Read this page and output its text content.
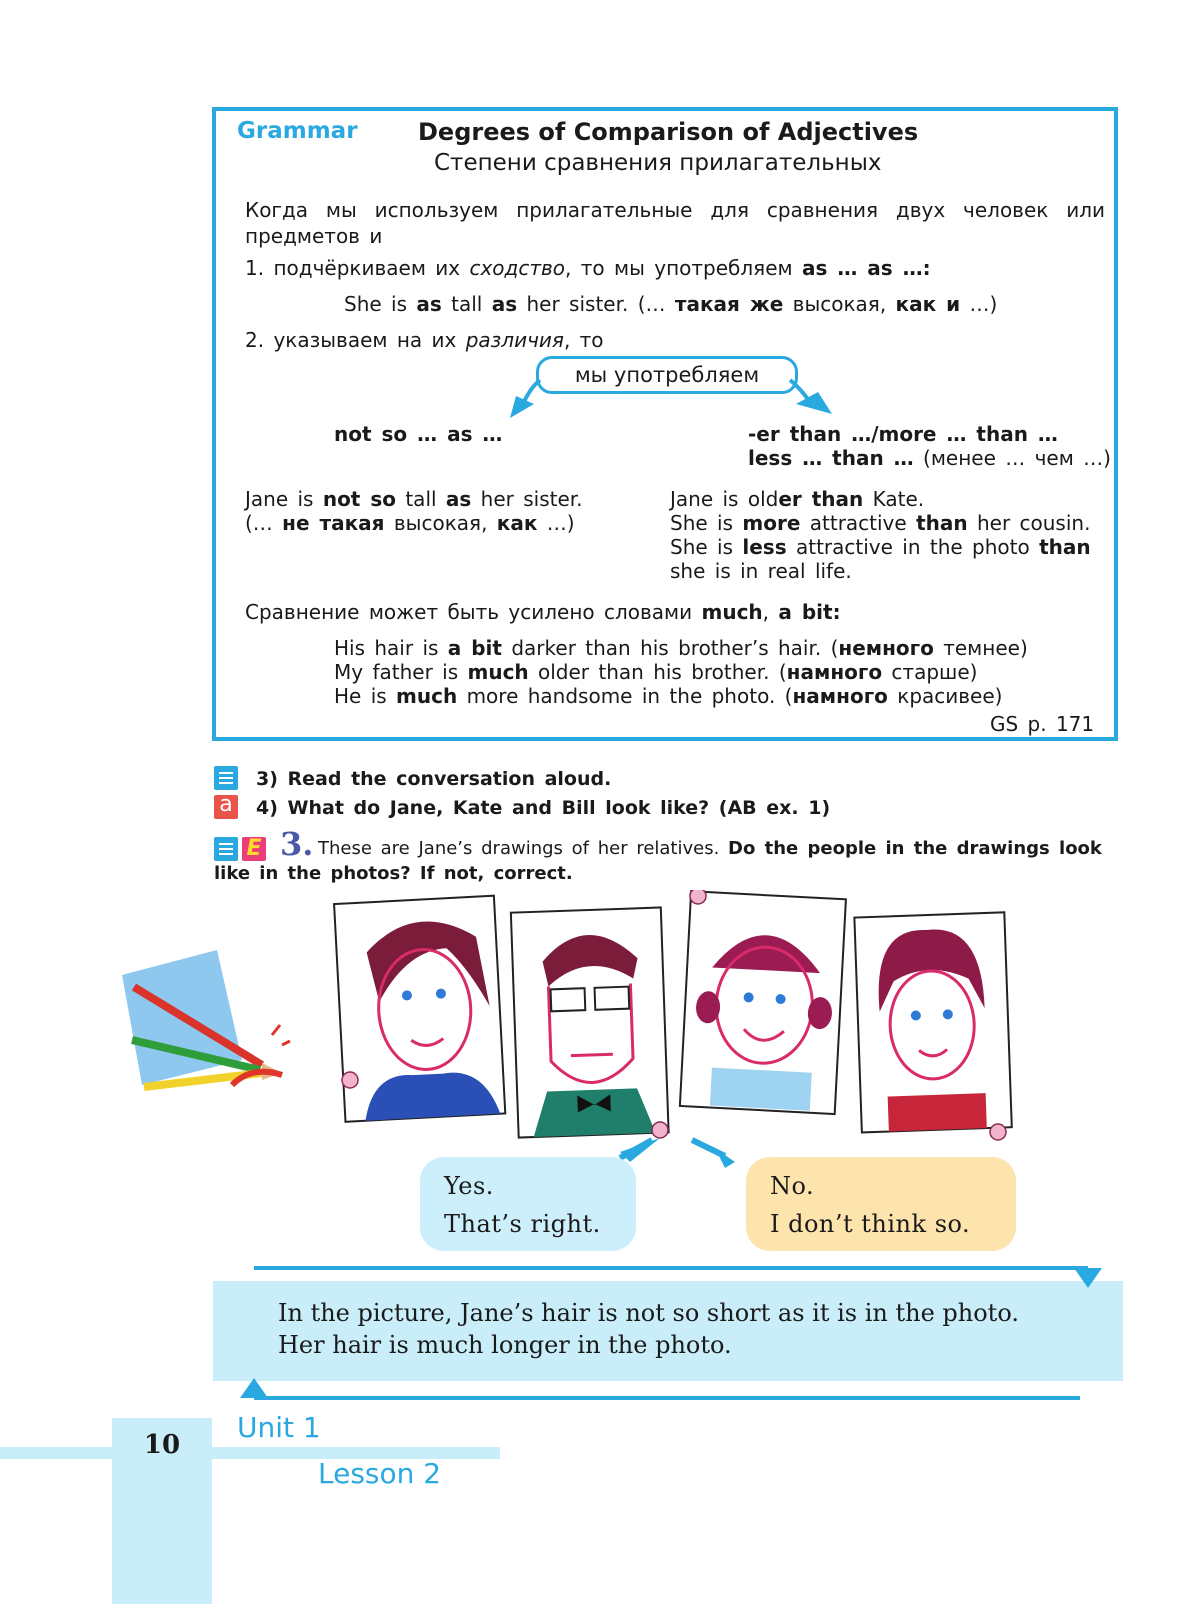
Grammar	Degrees of Comparison of Adjectives
Степени сравнения прилагательных
Когда мы используем прилагательные для сравнения двух человек или
предметов и
1. подчёркиваем их сходство, то мы употребляем as … as …:
She is as tall as her sister. (… такая же высокая, как и …)
2. указываем на их различия, то
мы употребляем
not so … as …	-er than …/more … than …
less … than … (менее … чем …)
Jane is not so tall as her sister.
(… не такая высокая, как …)
Jane is older than Kate.
She is more attractive than her cousin.
She is less attractive in the photo than
she is in real life.
Сравнение может быть усилено словами much, a bit:
His hair is a bit darker than his brother’s hair. (немного темнее)
My father is much older than his brother. (намного старше)
He is much more handsome in the photo. (намного красивее)
GS p. 171
3) Read the conversation aloud.
a 4) What do Jane, Kate and Bill look like? (AB ex. 1)
E 3. These are Jane’s drawings of her relatives. Do the people in the drawings look
like in the photos? If not, correct.
Yes.
That’s right.
No.
I don’t think so.
In the picture, Jane’s hair is not so short as it is in the photo.
Her hair is much longer in the photo.
10
Unit 1
Lesson 2
